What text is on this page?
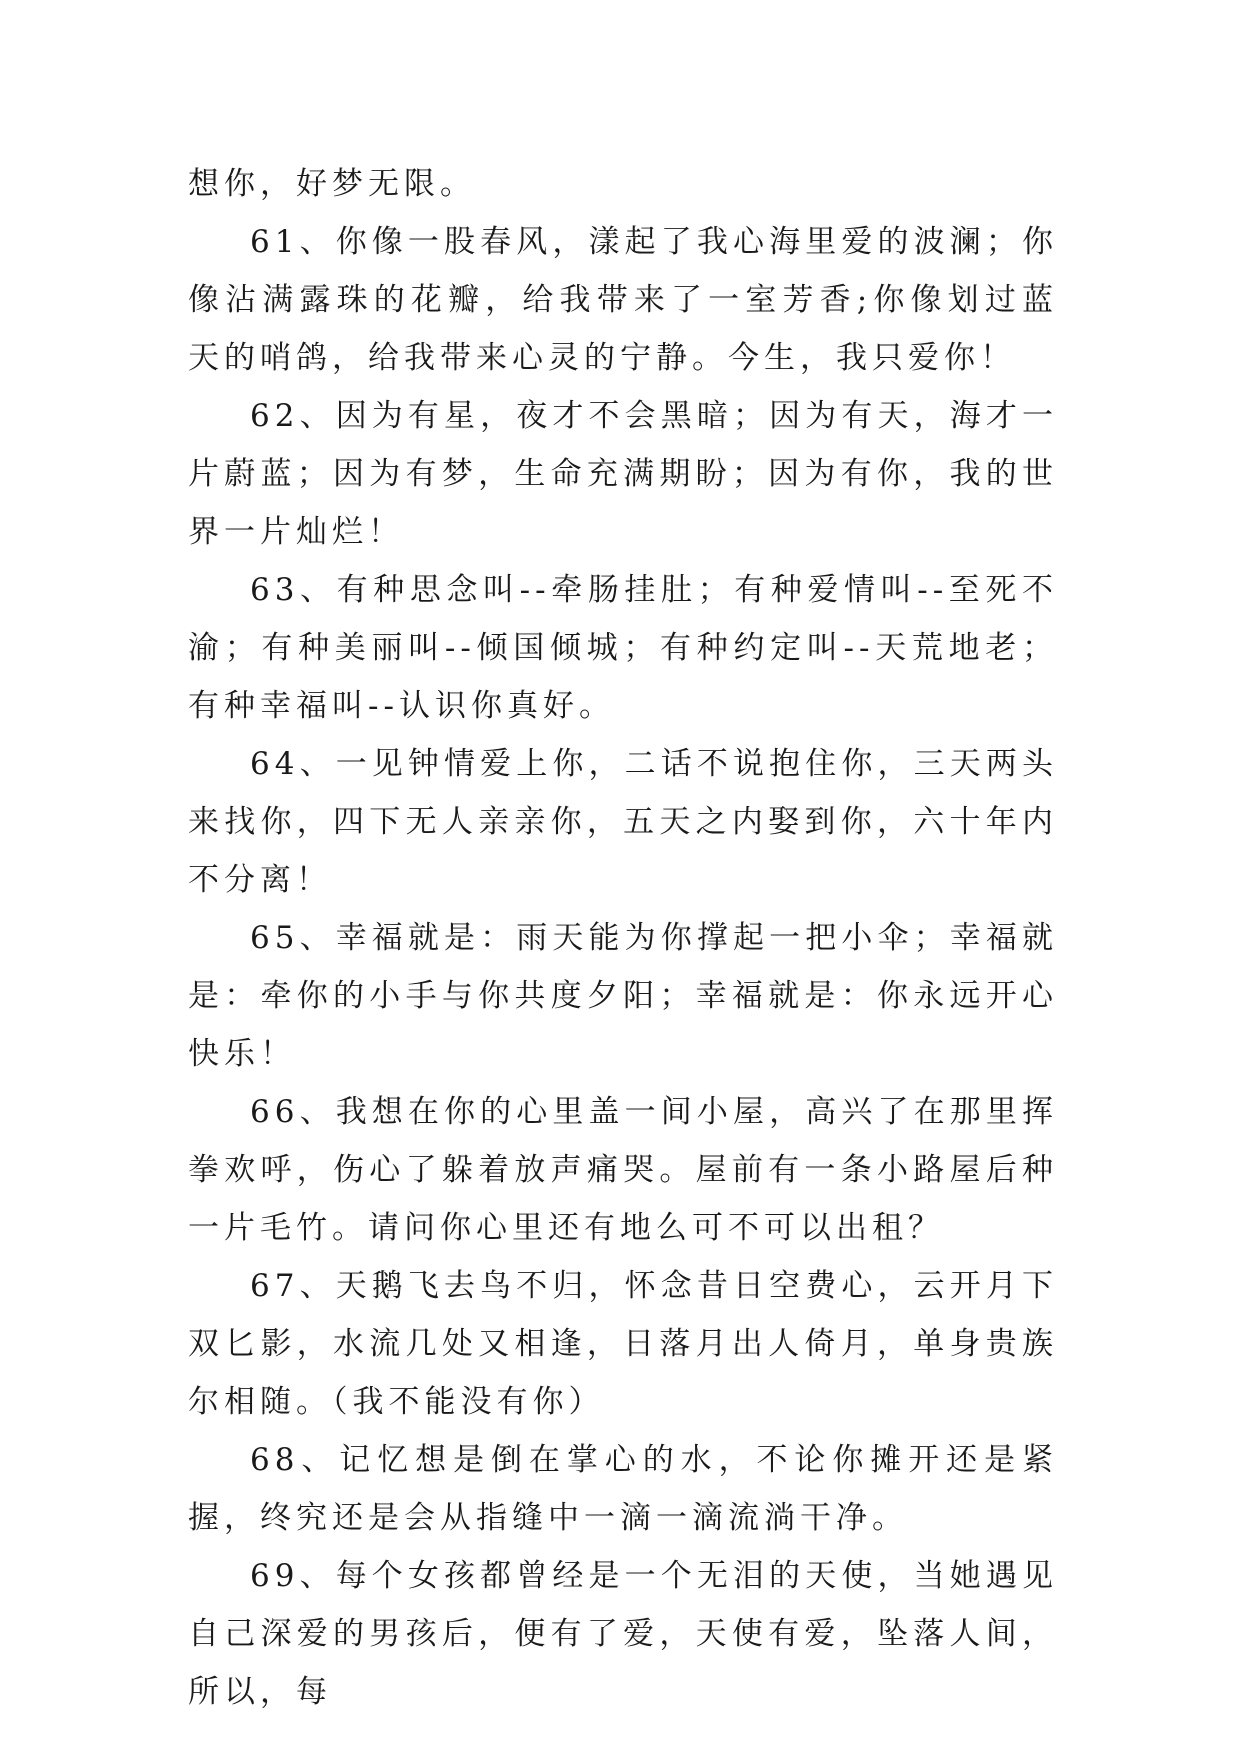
想你，好梦无限。

61、你像一股春风，漾起了我心海里爱的波澜；你像沾满露珠的花瓣，给我带来了一室芳香;你像划过蓝天的哨鸽，给我带来心灵的宁静。今生，我只爱你！

62、因为有星，夜才不会黑暗；因为有天，海才一片蔚蓝；因为有梦，生命充满期盼；因为有你，我的世界一片灿烂！

63、有种思念叫--牵肠挂肚；有种爱情叫--至死不渝；有种美丽叫--倾国倾城；有种约定叫--天荒地老；有种幸福叫--认识你真好。

64、一见钟情爱上你，二话不说抱住你，三天两头来找你，四下无人亲亲你，五天之内娶到你，六十年内不分离！

65、幸福就是：雨天能为你撑起一把小伞；幸福就是：牵你的小手与你共度夕阳；幸福就是：你永远开心快乐！

66、我想在你的心里盖一间小屋，高兴了在那里挥拳欢呼，伤心了躲着放声痛哭。屋前有一条小路屋后种一片毛竹。请问你心里还有地么可不可以出租？

67、天鹅飞去鸟不归，怀念昔日空费心，云开月下双匕影，水流几处又相逢，日落月出人倚月，单身贵族尔相随。（我不能没有你）

68、记忆想是倒在掌心的水，不论你摊开还是紧握，终究还是会从指缝中一滴一滴流淌干净。

69、每个女孩都曾经是一个无泪的天使，当她遇见自己深爱的男孩后，便有了爱，天使有爱，坠落人间，所以，每
